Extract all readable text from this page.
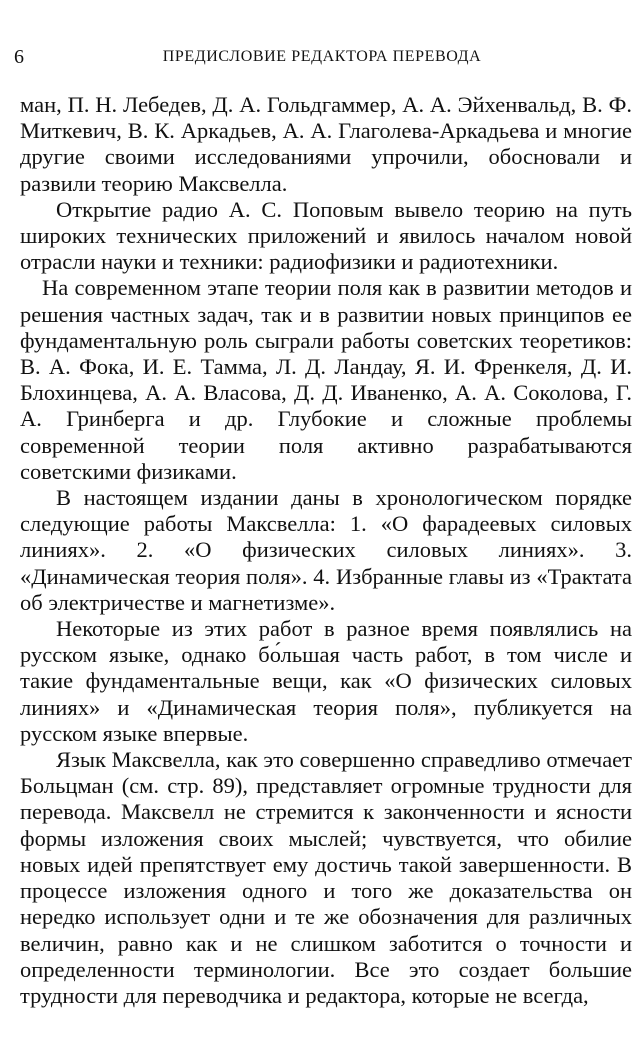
6	ПРЕДИСЛОВИЕ РЕДАКТОРА ПЕРЕВОДА

ман, П. Н. Лебедев, Д. А. Гольдгаммер, А. А. Эйхенвальд, В. Ф. Миткевич, В. К. Аркадьев, А. А. Глаголева-Аркадьева и многие другие своими исследованиями упрочили, обосновали и развили теорию Максвелла.

Открытие радио А. С. Поповым вывело теорию на путь широких технических приложений и явилось началом новой отрасли науки и техники: радиофизики и радиотехники.

На современном этапе теории поля как в развитии методов и решения частных задач, так и в развитии новых принципов ее фундаментальную роль сыграли работы советских теоретиков: В. А. Фока, И. Е. Тамма, Л. Д. Ландау, Я. И. Френкеля, Д. И. Блохинцева, А. А. Власова, Д. Д. Иваненко, А. А. Соколова, Г. А. Гринберга и др. Глубокие и сложные проблемы современной теории поля активно разрабатываются советскими физиками.

В настоящем издании даны в хронологическом порядке следующие работы Максвелла: 1. «О фарадеевых силовых линиях». 2. «О физических силовых линиях». 3. «Динамическая теория поля». 4. Избранные главы из «Трактата об электричестве и магнетизме».

Некоторые из этих работ в разное время появлялись на русском языке, однако бо́льшая часть работ, в том числе и такие фундаментальные вещи, как «О физических силовых линиях» и «Динамическая теория поля», публикуется на русском языке впервые.

Язык Максвелла, как это совершенно справедливо отмечает Больцман (см. стр. 89), представляет огромные трудности для перевода. Максвелл не стремится к законченности и ясности формы изложения своих мыслей; чувствуется, что обилие новых идей препятствует ему достичь такой завершенности. В процессе изложения одного и того же доказательства он нередко использует одни и те же обозначения для различных величин, равно как и не слишком заботится о точности и определенности терминологии. Все это создает большие трудности для переводчика и редактора, которые не всегда,
